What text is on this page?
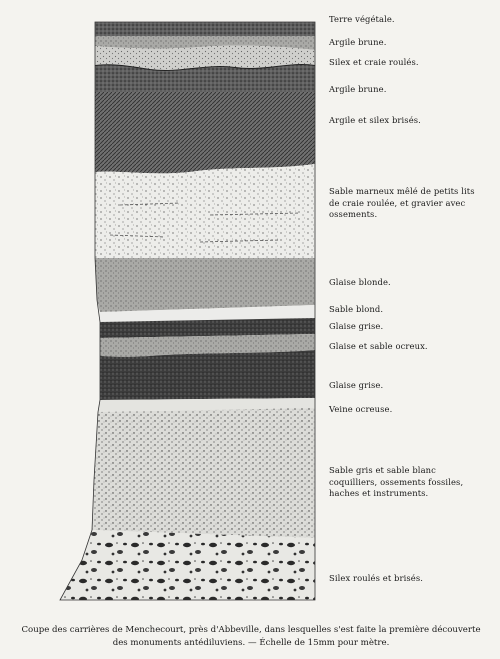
Terre végétale.
Argile brune.
Silex et craie roulés.
Argile brune.
Argile et silex brisés.
Sable marneux mêlé de petits lits de craie roulée, et gravier avec ossements.
Glaise blonde.
Sable blond.
Glaise grise.
Glaise et sable ocreux.
Glaise grise.
Veine ocreuse.
Sable gris et sable blanc coquilliers, ossements fossiles, haches et instruments.
Silex roulés et brisés.
Coupe des carrières de Menchecourt, près d'Abbeville, dans lesquelles s'est faite la première découverte
des monuments antédiluviens. — Échelle de 15mm pour mètre.
